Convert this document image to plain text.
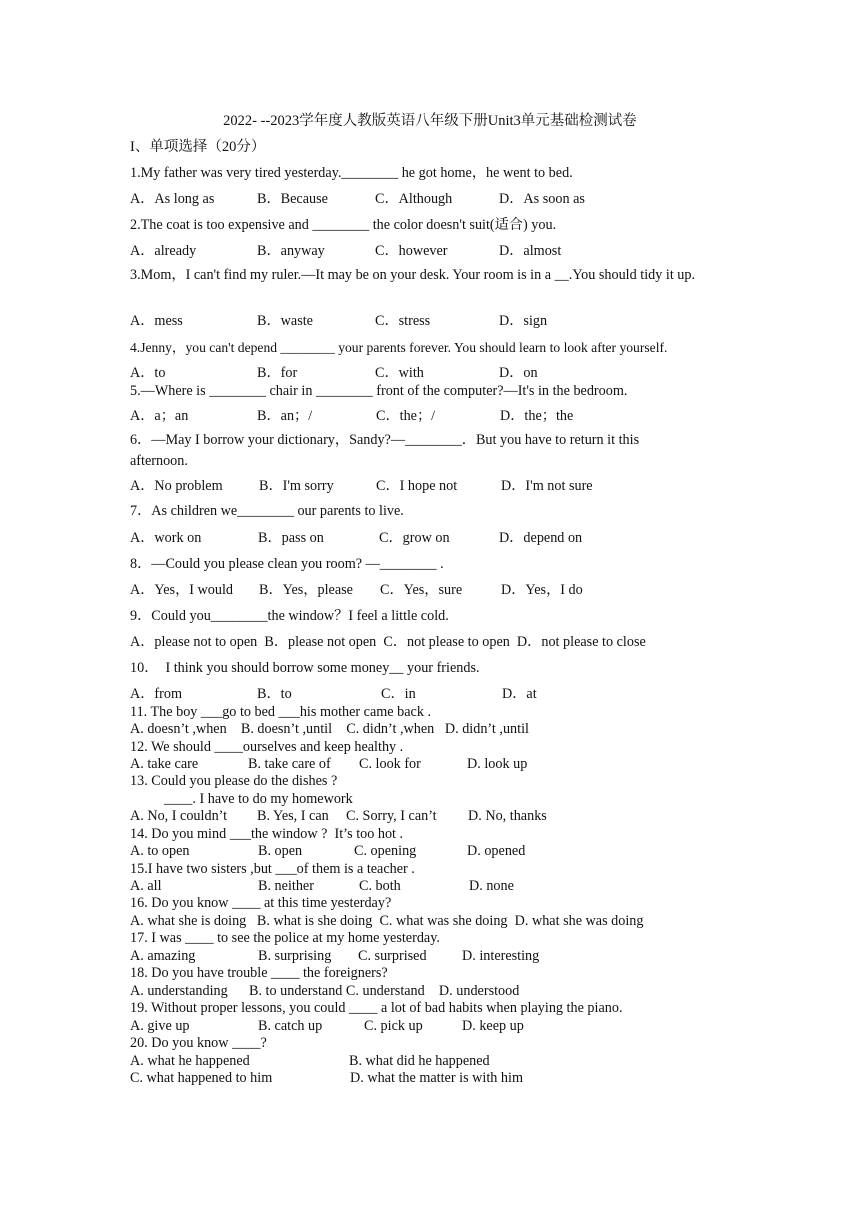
2022- --2023学年度人教版英语八年级下册Unit3单元基础检测试卷
I、单项选择（20分）
1.My father was very tired yesterday.________ he got home，he went to bed.
A．As long as	B．Because	C．Although	D．As soon as
2.The coat is too expensive and ________ the color doesn't suit(适合) you.
A．already	B．anyway	C．however	D．almost
3.Mom，I can't find my ruler.—It may be on your desk. Your room is in a __.You should tidy it up.
A．mess	B．waste	C．stress	D．sign
4.Jenny，you can't depend ________ your parents forever. You should learn to look after yourself.
A．to	B．for	C．with	D．on
5.—Where is ________ chair in ________ front of the computer?—It's in the bedroom.
A．a；an	B．an；/	C．the；/	D．the；the
6．—May I borrow your dictionary，Sandy?—________．But you have to return it this afternoon.
A．No problem	B．I'm sorry	C．I hope not	D．I'm not sure
7．As children we________ our parents to live.
A．work on	B．pass on	C．grow on	D．depend on
8．—Could you please clean you room? —________ .
A．Yes，I would B．Yes，please C．Yes，sure	D．Yes，I do
9．Could you________the window？I feel a little cold.
A．please not to open  B．please not open  C．not please to open  D．not please to close
10．  I think you should borrow some money__ your friends.
A．from	B．to	C．in	D．at
11. The boy ___go to bed ___his mother came back .
A. doesn’t ,when    B. doesn’t ,until    C. didn’t ,when   D. didn’t ,until
12. We should ____ourselves and keep healthy .
A. take care	B. take care of C. look for	D. look up
13. Could you please do the dishes ?
____. I have to do my homework
A. No, I couldn’t B. Yes, I can C. Sorry, I can’t D. No, thanks
14. Do you mind ___the window ?  It’s too hot .
A. to open	B. open	C. opening	D. opened
15.I have two sisters ,but ___of them is a teacher .
A. all	B. neither	C. both	D. none
16. Do you know ____ at this time yesterday?
A. what she is doing   B. what is she doing  C. what was she doing  D. what she was doing
17. I was ____ to see the police at my home yesterday.
A. amazing	B. surprising C. surprised D. interesting
18. Do you have trouble ____ the foreigners?
A. understanding      B. to understand C. understand    D. understood
19. Without proper lessons, you could ____ a lot of bad habits when playing the piano.
A. give up	B. catch up	C. pick up	D. keep up
20. Do you know ____?
A. what he happened	B. what did he happened
C. what happened to him	D. what the matter is with him
